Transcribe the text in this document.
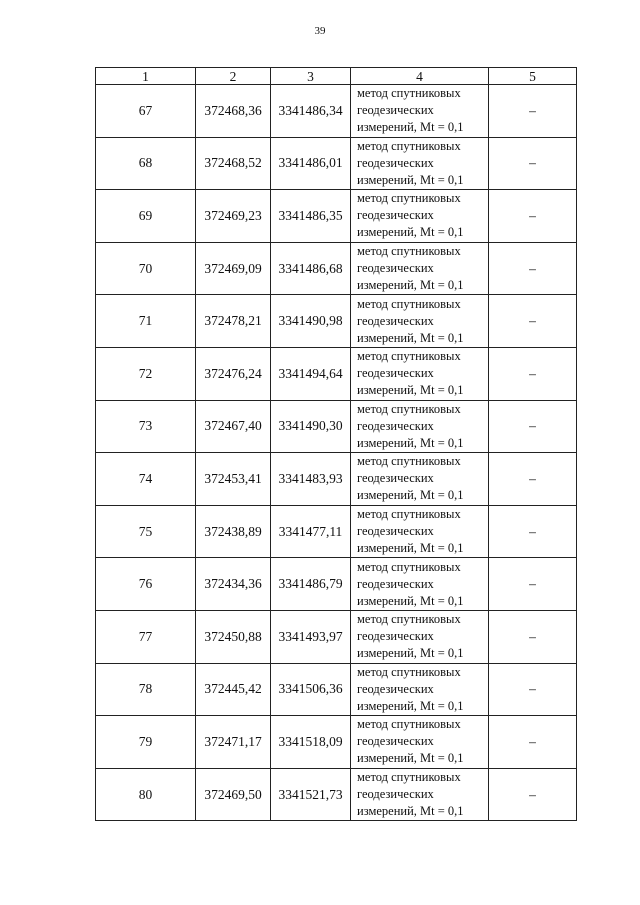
39
1	2	3	4	5
67	372468,36	3341486,34	метод спутниковых
геодезических
измерений, Mt = 0,1	–
68	372468,52	3341486,01	метод спутниковых
геодезических
измерений, Mt = 0,1	–
69	372469,23	3341486,35	метод спутниковых
геодезических
измерений, Mt = 0,1	–
70	372469,09	3341486,68	метод спутниковых
геодезических
измерений, Mt = 0,1	–
71	372478,21	3341490,98	метод спутниковых
геодезических
измерений, Mt = 0,1	–
72	372476,24	3341494,64	метод спутниковых
геодезических
измерений, Mt = 0,1	–
73	372467,40	3341490,30	метод спутниковых
геодезических
измерений, Mt = 0,1	–
74	372453,41	3341483,93	метод спутниковых
геодезических
измерений, Mt = 0,1	–
75	372438,89	3341477,11	метод спутниковых
геодезических
измерений, Mt = 0,1	–
76	372434,36	3341486,79	метод спутниковых
геодезических
измерений, Mt = 0,1	–
77	372450,88	3341493,97	метод спутниковых
геодезических
измерений, Mt = 0,1	–
78	372445,42	3341506,36	метод спутниковых
геодезических
измерений, Mt = 0,1	–
79	372471,17	3341518,09	метод спутниковых
геодезических
измерений, Mt = 0,1	–
80	372469,50	3341521,73	метод спутниковых
геодезических
измерений, Mt = 0,1	–
